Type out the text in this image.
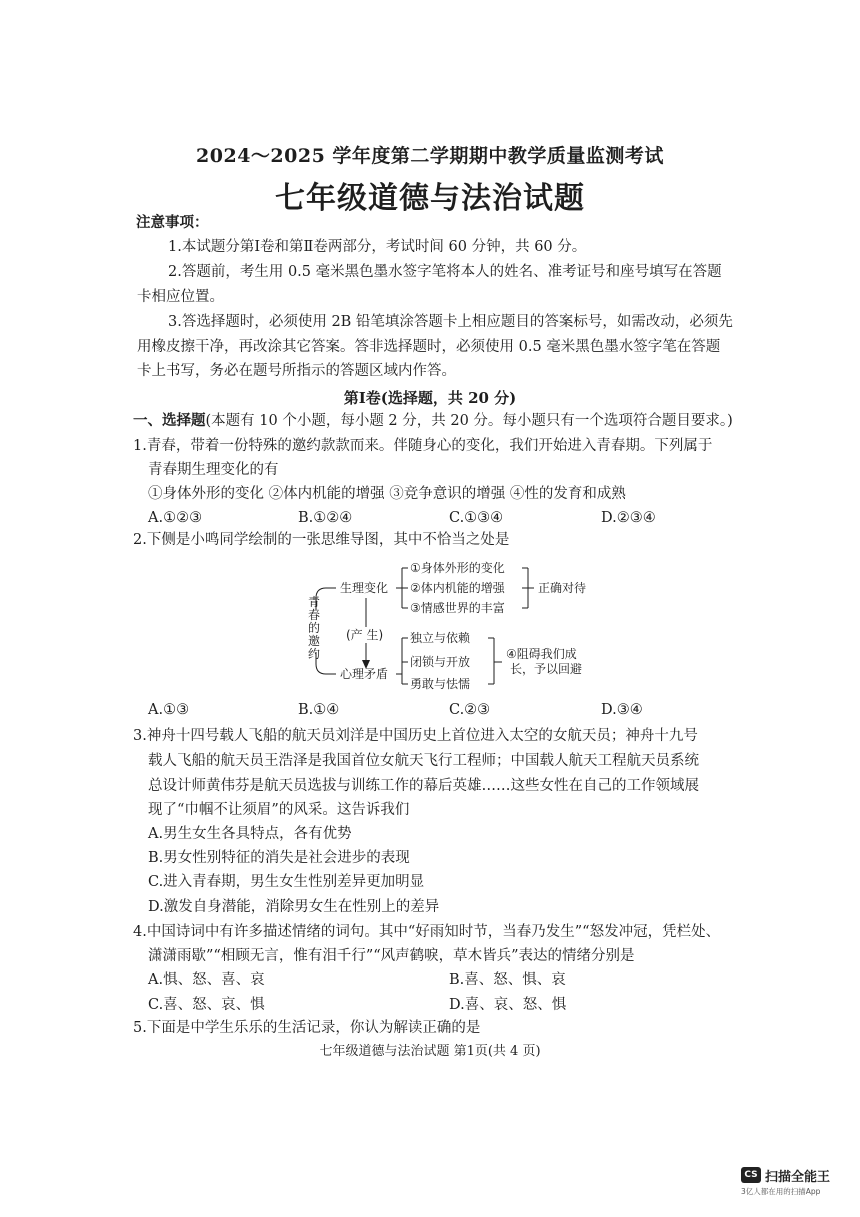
2024～2025 学年度第二学期期中教学质量监测考试
七年级道德与法治试题
注意事项：
1.本试题分第Ⅰ卷和第Ⅱ卷两部分，考试时间 60 分钟，共 60 分。
2.答题前，考生用 0.5 毫米黑色墨水签字笔将本人的姓名、准考证号和座号填写在答题
卡相应位置。
3.答选择题时，必须使用 2B 铅笔填涂答题卡上相应题目的答案标号，如需改动，必须先
用橡皮擦干净，再改涂其它答案。答非选择题时，必须使用 0.5 毫米黑色墨水签字笔在答题
卡上书写，务必在题号所指示的答题区域内作答。
第Ⅰ卷(选择题，共 20 分)
一、选择题(本题有 10 个小题，每小题 2 分，共 20 分。每小题只有一个选项符合题目要求。)
1.青春，带着一份特殊的邀约款款而来。伴随身心的变化，我们开始进入青春期。下列属于
青春期生理变化的有
①身体外形的变化 ②体内机能的增强 ③竞争意识的增强 ④性的发育和成熟
A.①②③	B.①②④	C.①③④	D.②③④
2.下侧是小鸣同学绘制的一张思维导图，其中不恰当之处是
青
春
的
邀
约
生理变化
心理矛盾
(产 生)
①身体外形的变化
②体内机能的增强
③情感世界的丰富
正确对待
独立与依赖
闭锁与开放
勇敢与怯懦
④阻碍我们成
长，予以回避
A.①③	B.①④	C.②③	D.③④
3.神舟十四号载人飞船的航天员刘洋是中国历史上首位进入太空的女航天员；神舟十九号
载人飞船的航天员王浩泽是我国首位女航天飞行工程师；中国载人航天工程航天员系统
总设计师黄伟芬是航天员选拔与训练工作的幕后英雄……这些女性在自己的工作领域展
现了“巾帼不让须眉”的风采。这告诉我们
A.男生女生各具特点，各有优势
B.男女性别特征的消失是社会进步的表现
C.进入青春期，男生女生性别差异更加明显
D.激发自身潜能，消除男女生在性别上的差异
4.中国诗词中有许多描述情绪的词句。其中“好雨知时节，当春乃发生”“怒发冲冠，凭栏处、
潇潇雨歇”“相顾无言，惟有泪千行”“风声鹤唳，草木皆兵”表达的情绪分别是
A.惧、怒、喜、哀	B.喜、怒、惧、哀
C.喜、怒、哀、惧	D.喜、哀、怒、惧
5.下面是中学生乐乐的生活记录，你认为解读正确的是
七年级道德与法治试题 第1页(共 4 页)
CS 扫描全能王
3亿人都在用的扫描App
